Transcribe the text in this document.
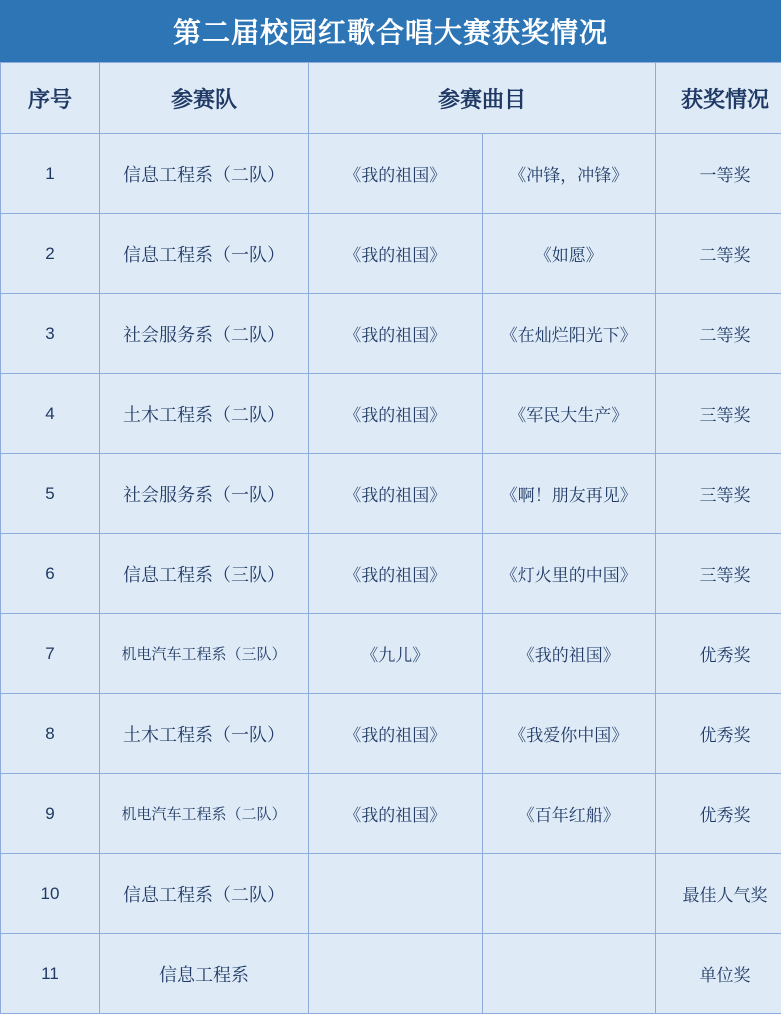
第二届校园红歌合唱大赛获奖情况
序号	参赛队	参赛曲目		获奖情况
1	信息工程系（二队）	《我的祖国》	《冲锋，冲锋》	一等奖
2	信息工程系（一队）	《我的祖国》	《如愿》	二等奖
3	社会服务系（二队）	《我的祖国》	《在灿烂阳光下》	二等奖
4	土木工程系（二队）	《我的祖国》	《军民大生产》	三等奖
5	社会服务系（一队）	《我的祖国》	《啊！朋友再见》	三等奖
6	信息工程系（三队）	《我的祖国》	《灯火里的中国》	三等奖
7	机电汽车工程系（三队）	《九儿》	《我的祖国》	优秀奖
8	土木工程系（一队）	《我的祖国》	《我爱你中国》	优秀奖
9	机电汽车工程系（二队）	《我的祖国》	《百年红船》	优秀奖
10	信息工程系（二队）			最佳人气奖
11	信息工程系			单位奖
